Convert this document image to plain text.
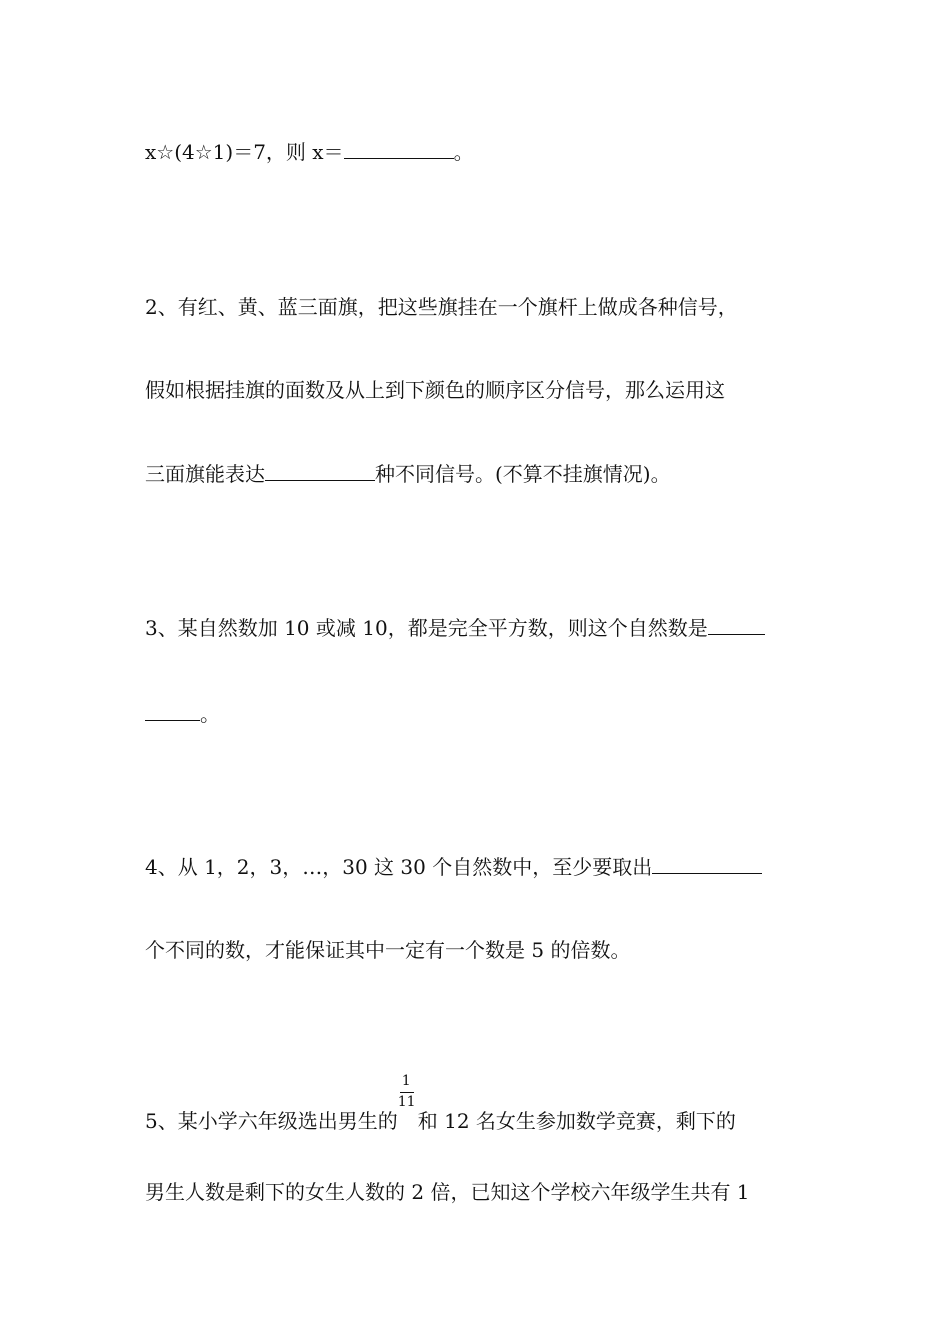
x☆(4☆1)＝7，则 x＝	。
2、有红、黄、蓝三面旗，把这些旗挂在一个旗杆上做成各种信号，
假如根据挂旗的面数及从上到下颜色的顺序区分信号，那么运用这
三面旗能表达	种不同信号。(不算不挂旗情况)。
3、某自然数加 10 或减 10，都是完全平方数，则这个自然数是
。
4、从 1，2，3，…，30 这 30 个自然数中，至少要取出
个不同的数，才能保证其中一定有一个数是 5 的倍数。
5、某小学六年级选出男生的 $\frac{1}{11}$ 和 12 名女生参加数学竞赛，剩下的
男生人数是剩下的女生人数的 2 倍，已知这个学校六年级学生共有 1
